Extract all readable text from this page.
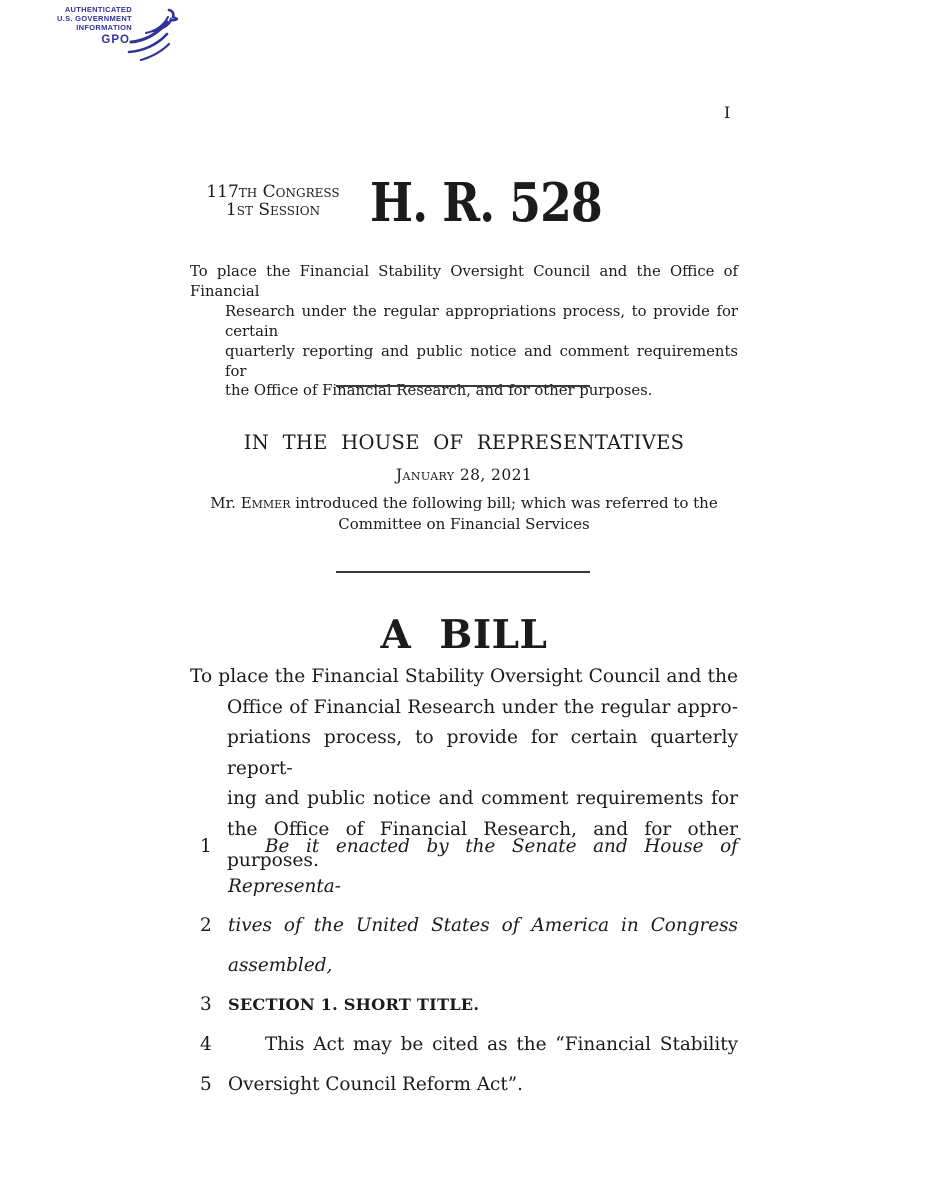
AUTHENTICATED
U.S. GOVERNMENT
INFORMATION
GPO
I
117th Congress
1st Session H. R. 528
To place the Financial Stability Oversight Council and the Office of Financial
Research under the regular appropriations process, to provide for certain
quarterly reporting and public notice and comment requirements for
the Office of Financial Research, and for other purposes.
IN THE HOUSE OF REPRESENTATIVES
January 28, 2021
Mr. Emmer introduced the following bill; which was referred to the Committee on Financial Services
A BILL
To place the Financial Stability Oversight Council and the
Office of Financial Research under the regular appro-
priations process, to provide for certain quarterly report-
ing and public notice and comment requirements for
the Office of Financial Research, and for other purposes.
1	Be it enacted by the Senate and House of Representa-
2 tives of the United States of America in Congress assembled,
3	SECTION 1. SHORT TITLE.
4	This Act may be cited as the “Financial Stability
5 Oversight Council Reform Act”.
